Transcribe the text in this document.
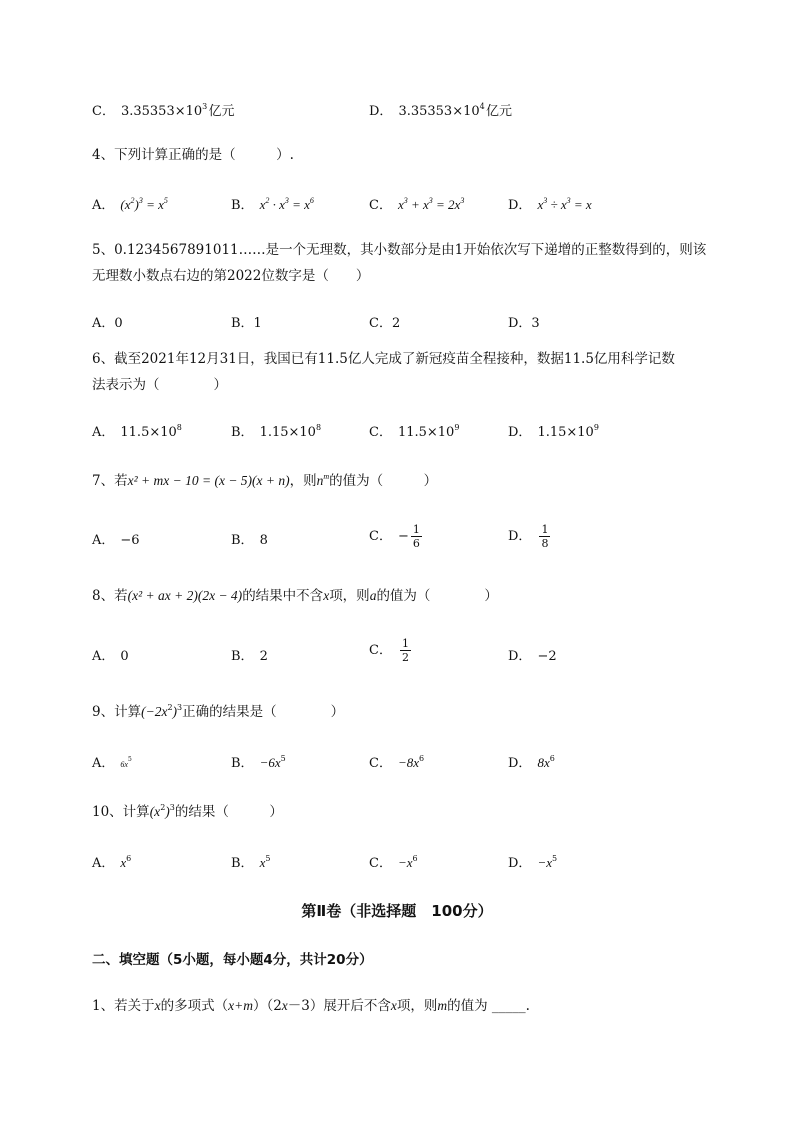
C． $3.35353\times 10^3$ 亿元	D． $3.35353\times 10^4$ 亿元
4、下列计算正确的是（　　　）.
A． $(x^2)^3 = x^5$	B． $x^2 \cdot x^3 = x^6$	C． $x^3 + x^3 = 2x^3$	D． $x^3 \div x^3 = x$
5、0.1234567891011……是一个无理数，其小数部分是由1开始依次写下递增的正整数得到的，则该
无理数小数点右边的第2022位数字是（　　）
A．0	B．1	C．2	D．3
6、截至2021年12月31日，我国已有11.5亿人完成了新冠疫苗全程接种，数据11.5亿用科学记数
法表示为（　　　　）
A． $11.5\times 10^8$	B． $1.15\times 10^8$	C． $11.5\times 10^9$	D． $1.15\times 10^9$
7、若x² + mx − 10 = (x − 5)(x + n)，则$n^m$的值为（　　　）
A． −6	B． 8	C． − $\frac{1}{6}$	D． $\frac{1}{8}$
8、若(x² + ax + 2)(2x − 4)的结果中不含x项，则a的值为（　　　　）
A． 0	B． 2	C． $\frac{1}{2}$	D． −2
9、计算$(-2x^2)^3$正确的结果是（　　　　）
A． $6x^5$	B． $-6x^5$	C． $-8x^6$	D． $8x^6$
10、计算$(x^2)^3$的结果（　　　）
A． $x^6$	B． $x^5$	C． $-x^6$	D． $-x^5$
第Ⅱ卷（非选择题　100分）
二、填空题（5小题，每小题4分，共计20分）
1、若关于x的多项式（x+m）（2x－3）展开后不含x项，则m的值为 _____.
